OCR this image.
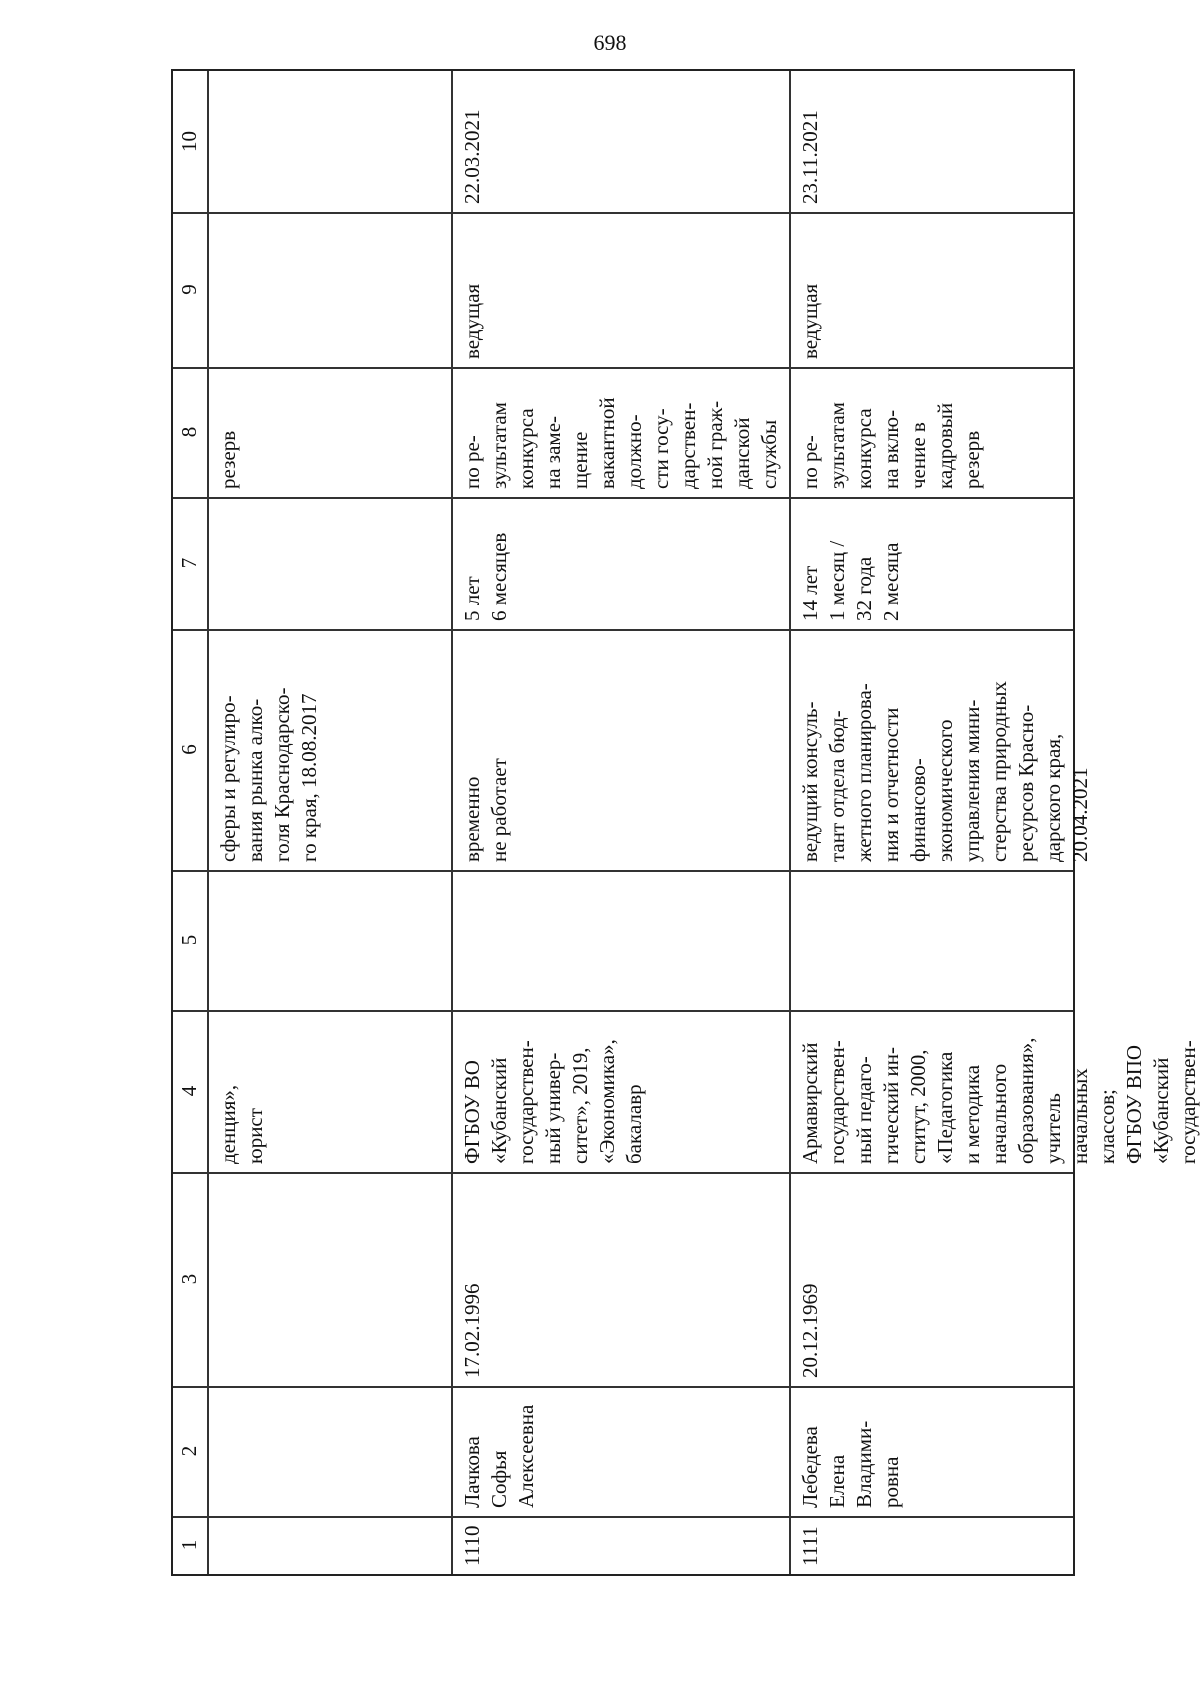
698
1
2
3
4
5
6
7
8
9
10

денция»,
юрист

сферы и регулиро-
вания рынка алко-
голя Краснодарско-
го края, 18.08.2017

резерв

1110

Лачкова
Софья
Алексеевна

17.02.1996

ФГБОУ ВО
«Кубанский
государствен-
ный универ-
ситет», 2019,
«Экономика»,
бакалавр

временно
не работает

5 лет
6 месяцев

по ре-
зультатам
конкурса
на заме-
щение
вакантной
должно-
сти госу-
дарствен-
ной граж-
данской
службы

ведущая

22.03.2021

1111

Лебедева
Елена
Владими-
ровна

20.12.1969

Армавирский
государствен-
ный педаго-
гический ин-
ститут, 2000,
«Педагогика
и методика
начального
образования»,
учитель
начальных
классов;
ФГБОУ ВПО
«Кубанский
государствен-

ведущий консуль-
тант отдела бюд-
жетного планирова-
ния и отчетности
финансово-
экономического
управления мини-
стерства природных
ресурсов Красно-
дарского края,
20.04.2021

14 лет
1 месяц /
32 года
2 месяца

по ре-
зультатам
конкурса
на вклю-
чение в
кадровый
резерв

ведущая

23.11.2021
